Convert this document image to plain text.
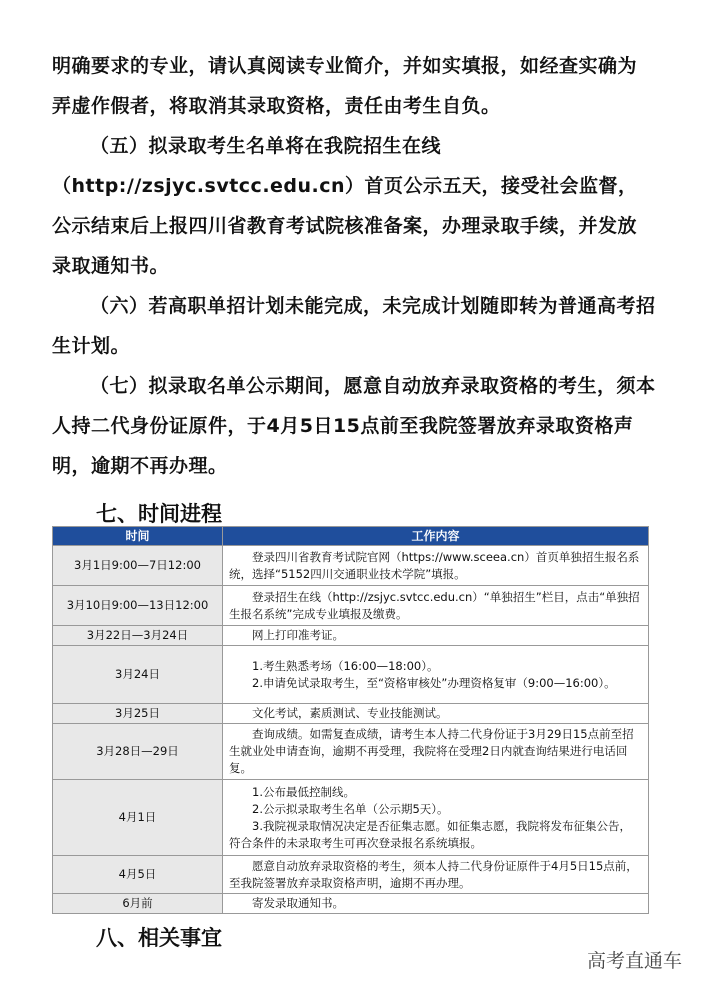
明确要求的专业，请认真阅读专业简介，并如实填报，如经查实确为弄虚作假者，将取消其录取资格，责任由考生自负。

（五）拟录取考生名单将在我院招生在线（http://zsjyc.svtcc.edu.cn）首页公示五天，接受社会监督，公示结束后上报四川省教育考试院核准备案，办理录取手续，并发放录取通知书。

（六）若高职单招计划未能完成，未完成计划随即转为普通高考招生计划。

（七）拟录取名单公示期间，愿意自动放弃录取资格的考生，须本人持二代身份证原件，于4月5日15点前至我院签署放弃录取资格声明，逾期不再办理。

七、时间进程
时间	工作内容
3月1日9:00—7日12:00	登录四川省教育考试院官网（https://www.sceea.cn）首页单独招生报名系统，选择“5152四川交通职业技术学院”填报。

3月10日9:00—13日12:00	登录招生在线（http://zsjyc.svtcc.edu.cn）“单独招生”栏目，点击“单独招生报名系统”完成专业填报及缴费。

3月22日—3月24日	网上打印准考证。

3月24日	1.考生熟悉考场（16:00—18:00）。
2.申请免试录取考生，至“资格审核处”办理资格复审（9:00—16:00）。

3月25日	文化考试，素质测试、专业技能测试。

3月28日—29日	查询成绩。如需复查成绩，请考生本人持二代身份证于3月29日15点前至招生就业处申请查询，逾期不再受理，我院将在受理2日内就查询结果进行电话回复。

4月1日	1.公布最低控制线。
2.公示拟录取考生名单（公示期5天）。
3.我院视录取情况决定是否征集志愿。如征集志愿，我院将发布征集公告，符合条件的未录取考生可再次登录报名系统填报。

4月5日	愿意自动放弃录取资格的考生，须本人持二代身份证原件于4月5日15点前，至我院签署放弃录取资格声明，逾期不再办理。

6月前	寄发录取通知书。
八、相关事宜
高考直通车
